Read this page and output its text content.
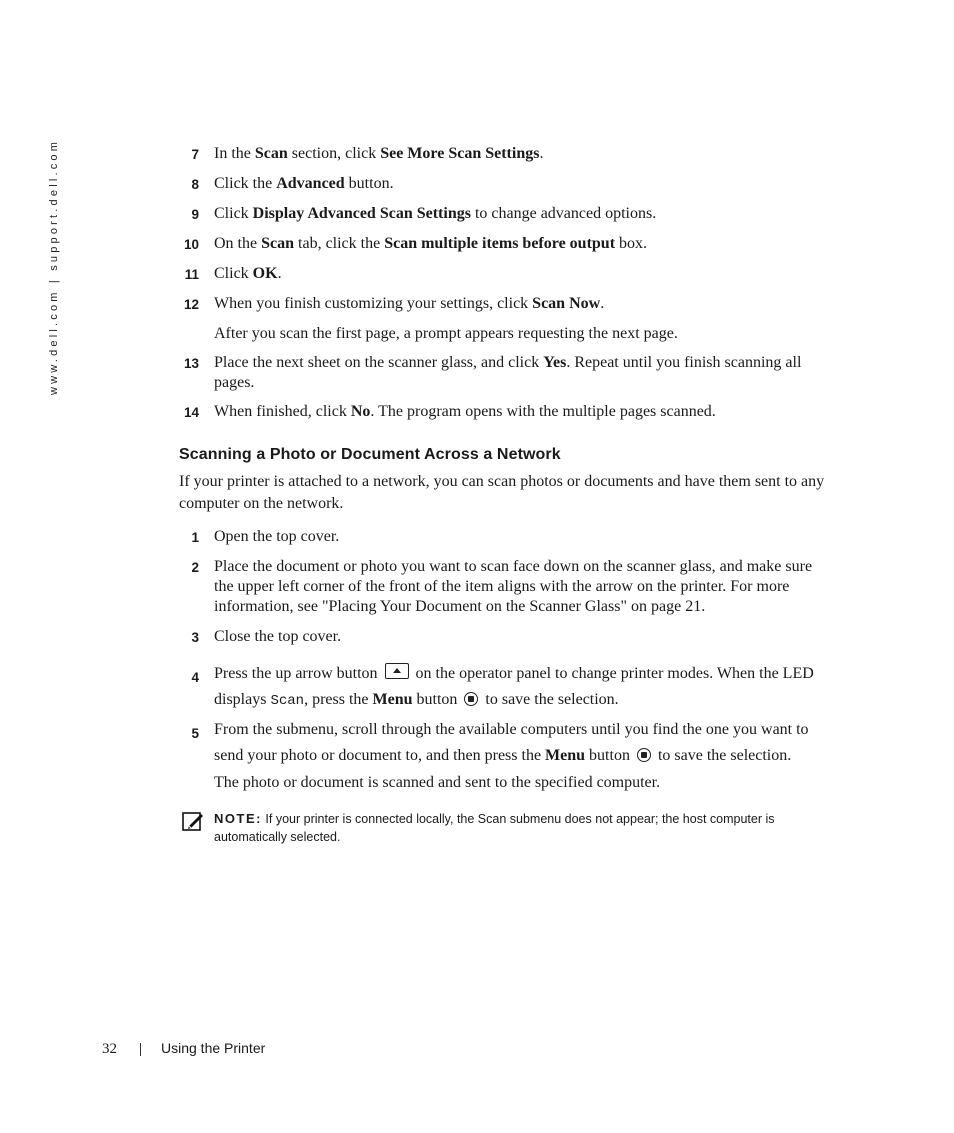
www.dell.com | support.dell.com	7 In the Scan section, click See More Scan Settings.
8 Click the Advanced button.
9 Click Display Advanced Scan Settings to change advanced options.
10 On the Scan tab, click the Scan multiple items before output box.
11 Click OK.
12 When you finish customizing your settings, click Scan Now.
After you scan the first page, a prompt appears requesting the next page.
13 Place the next sheet on the scanner glass, and click Yes. Repeat until you finish scanning all pages.
14 When finished, click No. The program opens with the multiple pages scanned.
Scanning a Photo or Document Across a Network
If your printer is attached to a network, you can scan photos or documents and have them sent to any computer on the network.
1 Open the top cover.
2 Place the document or photo you want to scan face down on the scanner glass, and make sure the upper left corner of the front of the item aligns with the arrow on the printer. For more information, see "Placing Your Document on the Scanner Glass" on page 21.
3 Close the top cover.
4 Press the up arrow button  on the operator panel to change printer modes. When the LED displays Scan, press the Menu button  to save the selection.
5 From the submenu, scroll through the available computers until you find the one you want to send your photo or document to, and then press the Menu button  to save the selection.
The photo or document is scanned and sent to the specified computer.
NOTE: If your printer is connected locally, the Scan submenu does not appear; the host computer is automatically selected.
32	Using the Printer
